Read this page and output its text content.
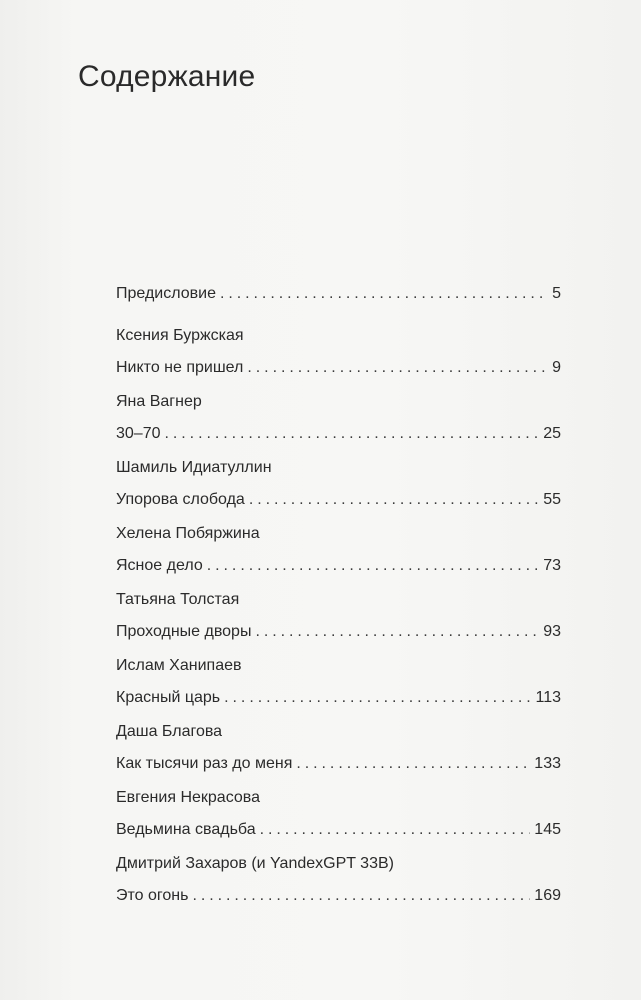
Содержание
Предисловие . . .	5
Ксения Буржская
Никто не пришел . . .	9
Яна Вагнер
30–70 . . .	25
Шамиль Идиатуллин
Упорова слобода . . .	55
Хелена Побяржина
Ясное дело . . .	73
Татьяна Толстая
Проходные дворы . . .	93
Ислам Ханипаев
Красный царь . . .	113
Даша Благова
Как тысячи раз до меня . . .	133
Евгения Некрасова
Ведьмина свадьба . . .	145
Дмитрий Захаров (и YandexGPT 33B)
Это огонь . . .	169
